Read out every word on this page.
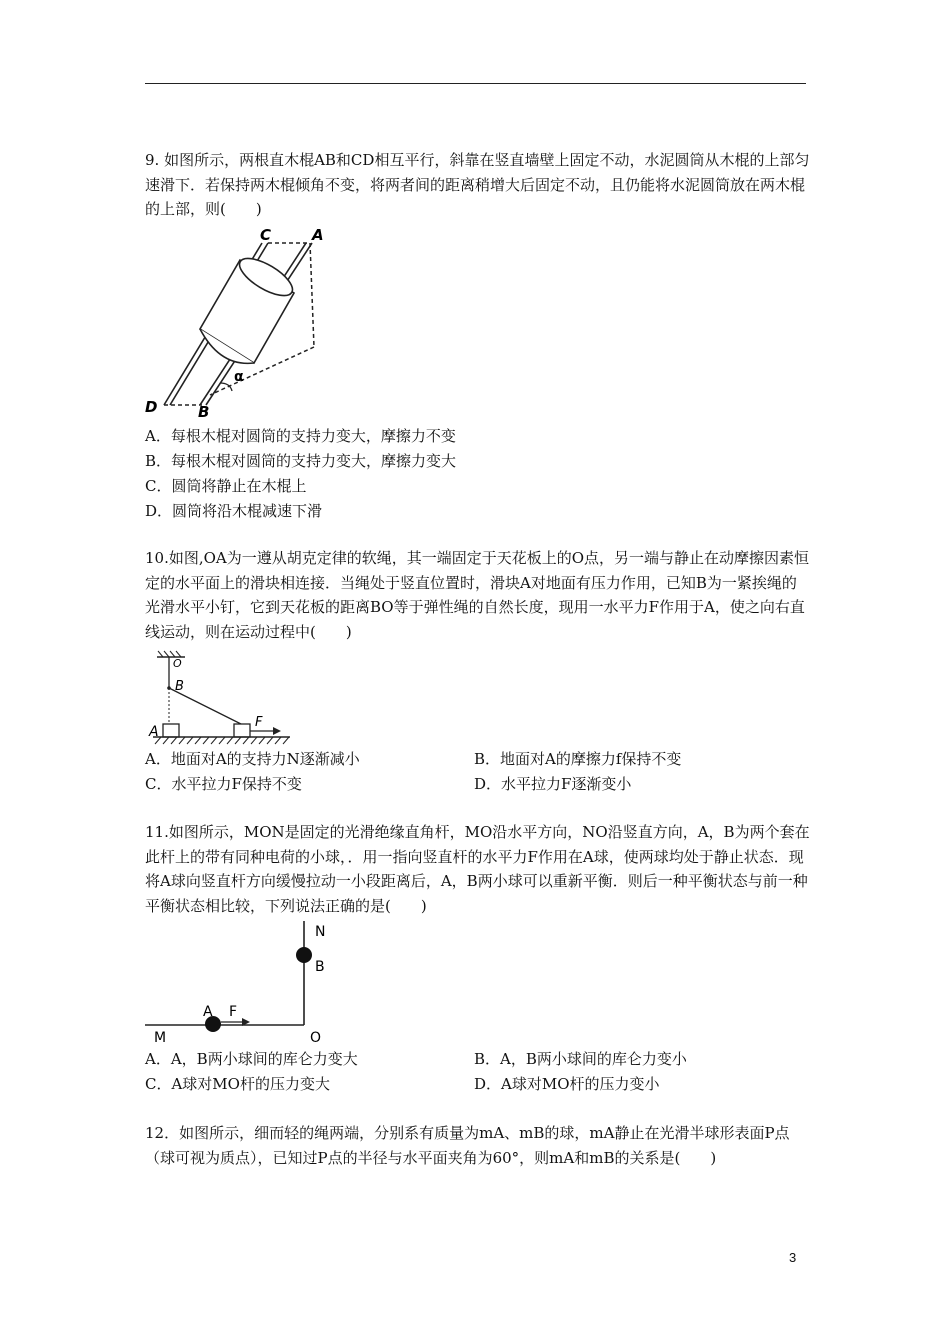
9. 如图所示，两根直木棍AB和CD相互平行，斜靠在竖直墙壁上固定不动，水泥圆筒从木棍的上部匀速滑下．若保持两木棍倾角不变，将两者间的距离稍增大后固定不动，且仍能将水泥圆筒放在两木棍的上部，则(　　)
D	B
C	A
α
A．每根木棍对圆筒的支持力变大，摩擦力不变
B．每根木棍对圆筒的支持力变大，摩擦力变大
C．圆筒将静止在木棍上
D．圆筒将沿木棍减速下滑
10.如图,OA为一遵从胡克定律的软绳，其一端固定于天花板上的O点，另一端与静止在动摩擦因素恒定的水平面上的滑块相连接．当绳处于竖直位置时，滑块A对地面有压力作用，已知B为一紧挨绳的光滑水平小钉，它到天花板的距离BO等于弹性绳的自然长度，现用一水平力F作用于A，使之向右直线运动，则在运动过程中(　　)
O
B
A
F
A．地面对A的支持力N逐渐减小	B．地面对A的摩擦力f保持不变
C．水平拉力F保持不变	D．水平拉力F逐渐变小
11.如图所示，MON是固定的光滑绝缘直角杆，MO沿水平方向，NO沿竖直方向，A，B为两个套在此杆上的带有同种电荷的小球，．用一指向竖直杆的水平力F作用在A球，使两球均处于静止状态．现将A球向竖直杆方向缓慢拉动一小段距离后，A，B两小球可以重新平衡．则后一种平衡状态与前一种平衡状态相比较，下列说法正确的是(　　)
N
B
A F
M	O
A．A，B两小球间的库仑力变大	B．A，B两小球间的库仑力变小
C．A球对MO杆的压力变大	D．A球对MO杆的压力变小
12．如图所示，细而轻的绳两端，分别系有质量为mA、mB的球，mA静止在光滑半球形表面P点（球可视为质点），已知过P点的半径与水平面夹角为60°，则mA和mB的关系是(　　)
3
